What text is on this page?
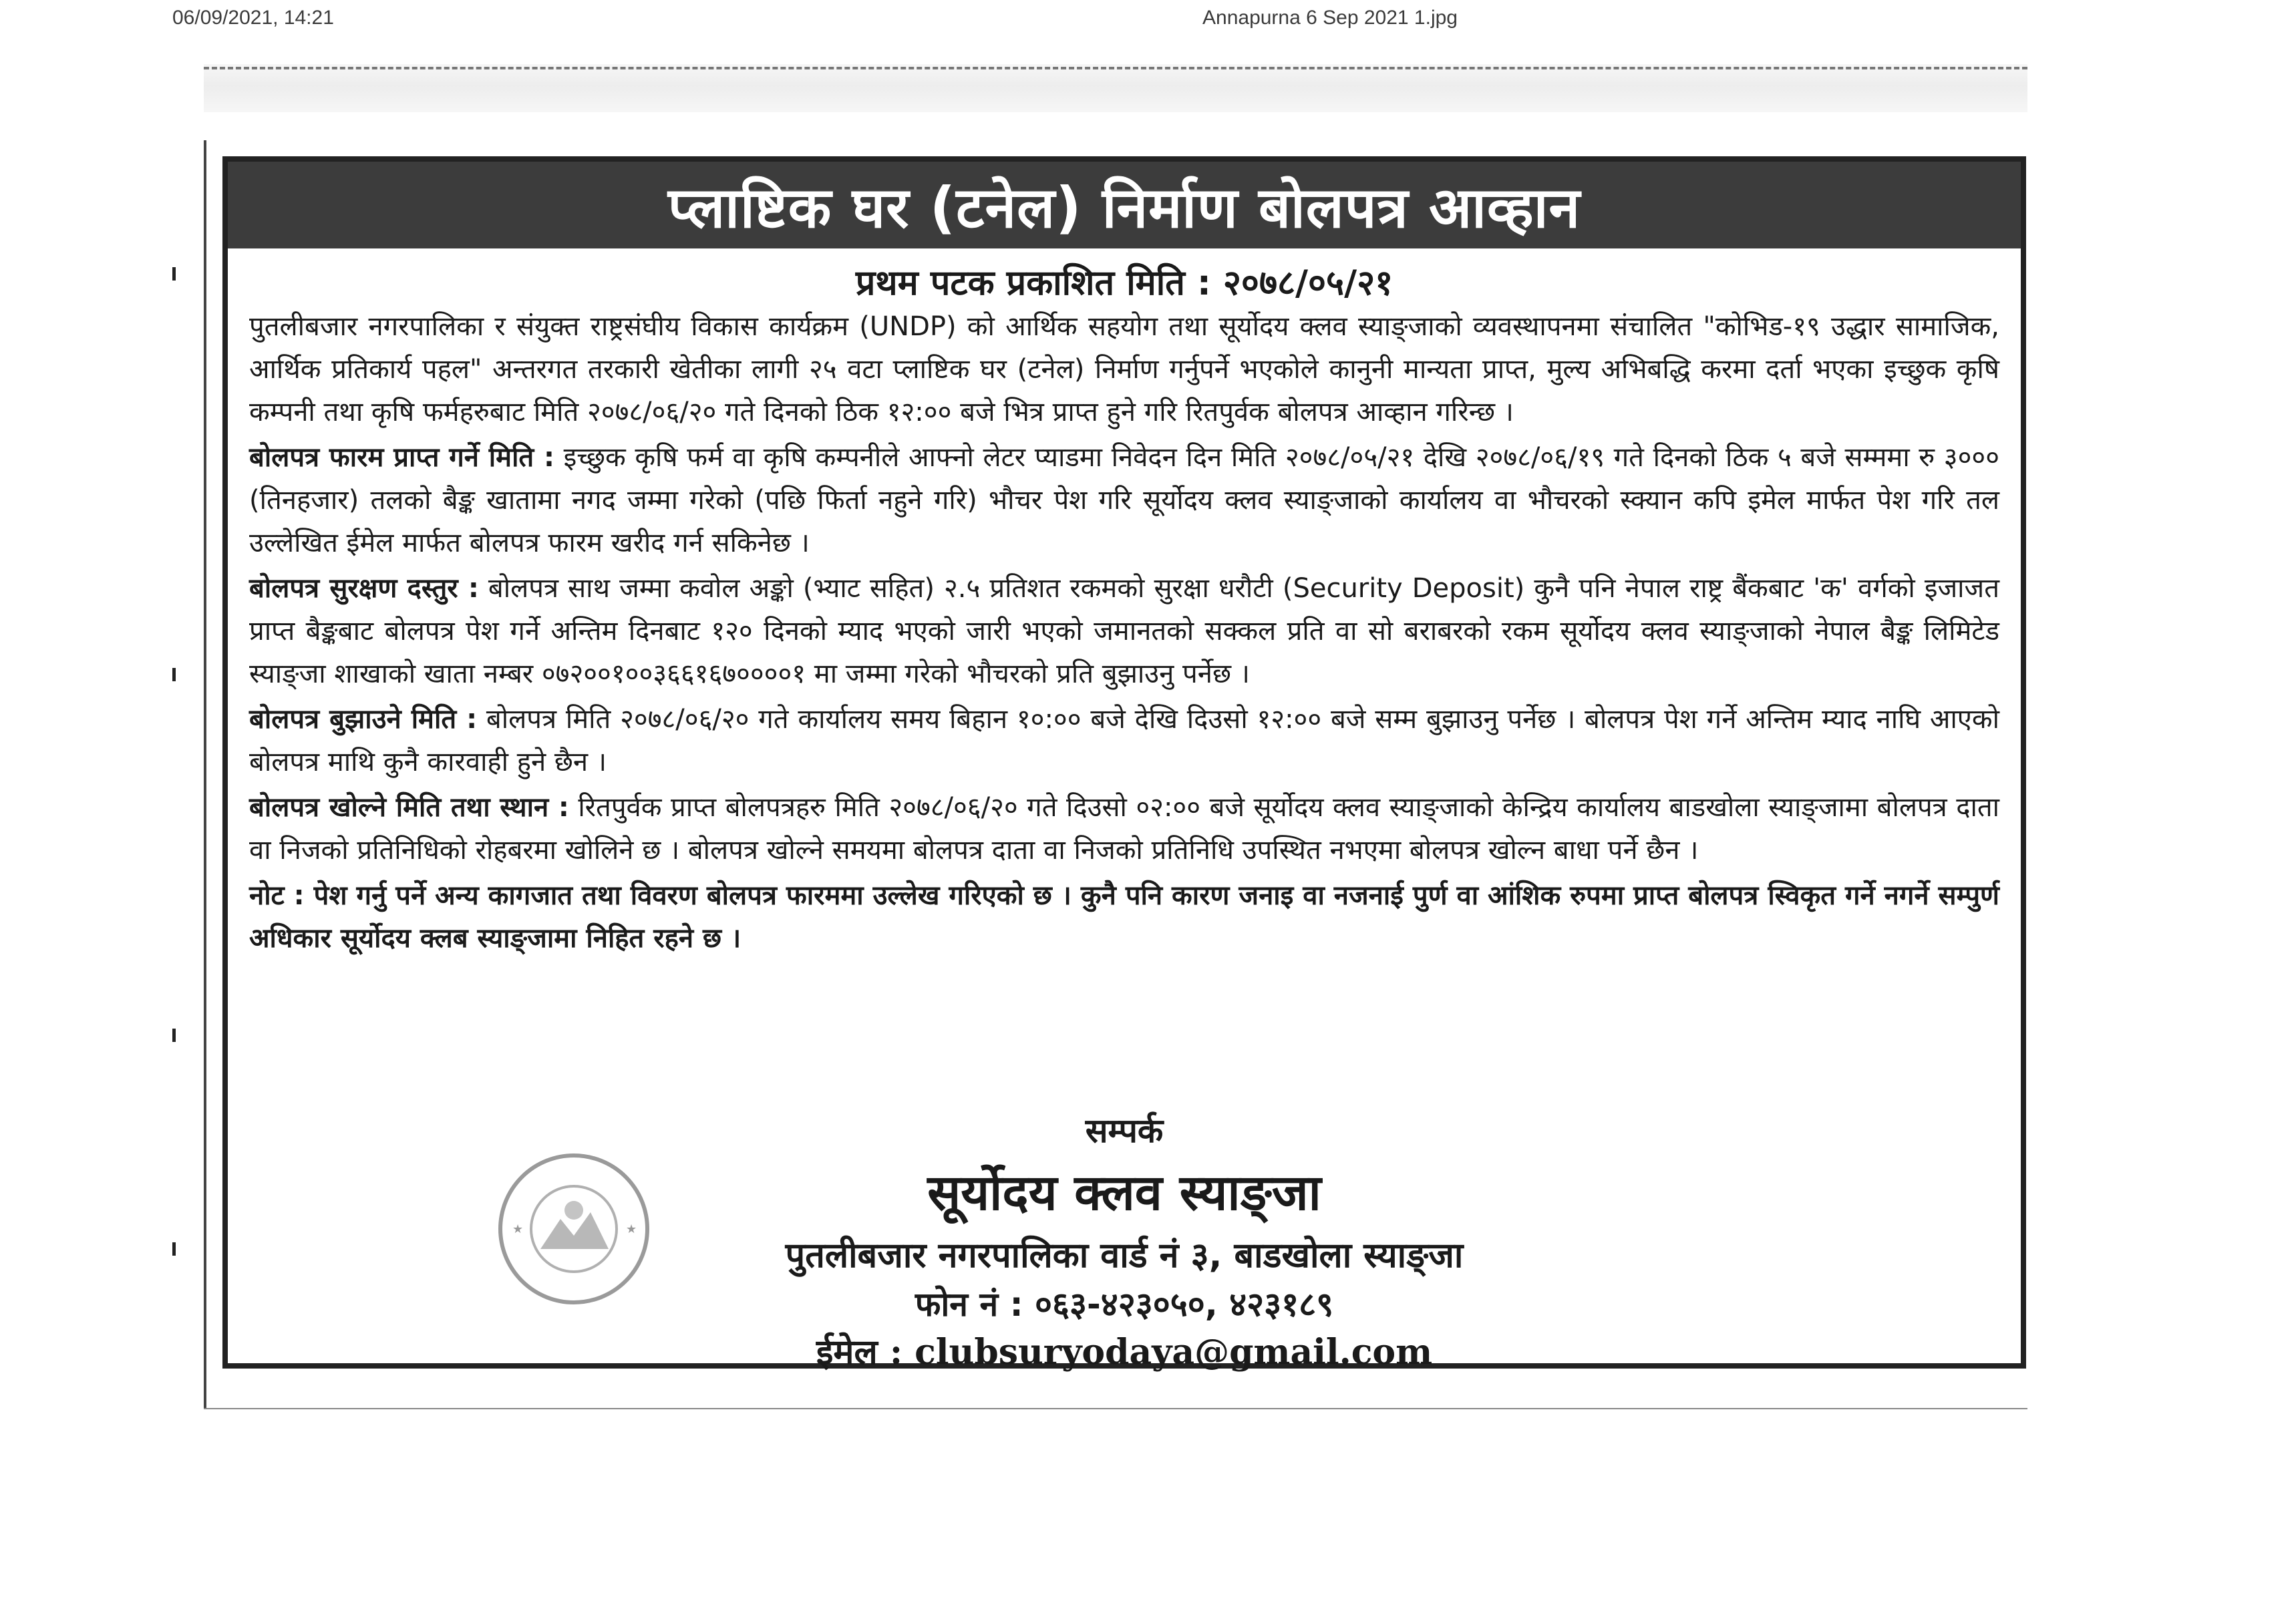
06/09/2021, 14:21	Annapurna 6 Sep 2021 1.jpg
प्लाष्टिक घर (टनेल) निर्माण बोलपत्र आव्हान
प्रथम पटक प्रकाशित मिति : २०७८/०५/२१

पुतलीबजार नगरपालिका र संयुक्त राष्ट्रसंघीय विकास कार्यक्रम (UNDP) को आर्थिक सहयोग तथा सूर्योदय क्लव स्याङ्जाको व्यवस्थापनमा संचालित "कोभिड-१९ उद्धार सामाजिक, आर्थिक प्रतिकार्य पहल" अन्तरगत तरकारी खेतीका लागी २५ वटा प्लाष्टिक घर (टनेल) निर्माण गर्नुपर्ने भएकोले कानुनी मान्यता प्राप्त, मुल्य अभिबद्धि करमा दर्ता भएका इच्छुक कृषि कम्पनी तथा कृषि फर्महरुबाट मिति २०७८/०६/२० गते दिनको ठिक १२:०० बजे भित्र प्राप्त हुने गरि रितपुर्वक बोलपत्र आव्हान गरिन्छ ।

बोलपत्र फारम प्राप्त गर्ने मिति : इच्छुक कृषि फर्म वा कृषि कम्पनीले आफ्नो लेटर प्याडमा निवेदन दिन मिति २०७८/०५/२१ देखि २०७८/०६/१९ गते दिनको ठिक ५ बजे सम्ममा रु ३००० (तिनहजार) तलको बैङ्क खातामा नगद जम्मा गरेको (पछि फिर्ता नहुने गरि) भौचर पेश गरि सूर्योदय क्लव स्याङ्जाको कार्यालय वा भौचरको स्क्यान कपि इमेल मार्फत पेश गरि तल उल्लेखित ईमेल मार्फत बोलपत्र फारम खरीद गर्न सकिनेछ ।

बोलपत्र सुरक्षण दस्तुर : बोलपत्र साथ जम्मा कवोल अङ्को (भ्याट सहित) २.५ प्रतिशत रकमको सुरक्षा धरौटी (Security Deposit) कुनै पनि नेपाल राष्ट्र बैंकबाट 'क' वर्गको इजाजत प्राप्त बैङ्कबाट बोलपत्र पेश गर्ने अन्तिम दिनबाट १२० दिनको म्याद भएको जारी भएको जमानतको सक्कल प्रति वा सो बराबरको रकम सूर्योदय क्लव स्याङ्जाको नेपाल बैङ्क लिमिटेड स्याङ्जा शाखाको खाता नम्बर ०७२००१००३६६१६७००००१ मा जम्मा गरेको भौचरको प्रति बुझाउनु पर्नेछ ।

बोलपत्र बुझाउने मिति : बोलपत्र मिति २०७८/०६/२० गते कार्यालय समय बिहान १०:०० बजे देखि दिउसो १२:०० बजे सम्म बुझाउनु पर्नेछ । बोलपत्र पेश गर्ने अन्तिम म्याद नाघि आएको बोलपत्र माथि कुनै कारवाही हुने छैन ।

बोलपत्र खोल्ने मिति तथा स्थान : रितपुर्वक प्राप्त बोलपत्रहरु मिति २०७८/०६/२० गते दिउसो ०२:०० बजे सूर्योदय क्लव स्याङ्जाको केन्द्रिय कार्यालय बाडखोला स्याङ्जामा बोलपत्र दाता वा निजको प्रतिनिधिको रोहबरमा खोलिने छ । बोलपत्र खोल्ने समयमा बोलपत्र दाता वा निजको प्रतिनिधि उपस्थित नभएमा बोलपत्र खोल्न बाधा पर्ने छैन ।

नोट : पेश गर्नु पर्ने अन्य कागजात तथा विवरण बोलपत्र फारममा उल्लेख गरिएको छ । कुनै पनि कारण जनाइ वा नजनाई पुर्ण वा आंशिक रुपमा प्राप्त बोलपत्र स्विकृत गर्ने नगर्ने सम्पुर्ण अधिकार सूर्योदय क्लब स्याङ्जामा निहित रहने छ ।

★	★
सम्पर्क
सूर्योदय क्लव स्याङ्जा
पुतलीबजार नगरपालिका वार्ड नं ३, बाडखोला स्याङ्जा
फोन नं : ०६३-४२३०५०, ४२३१८९
ईमेल : clubsuryodaya@gmail.com
